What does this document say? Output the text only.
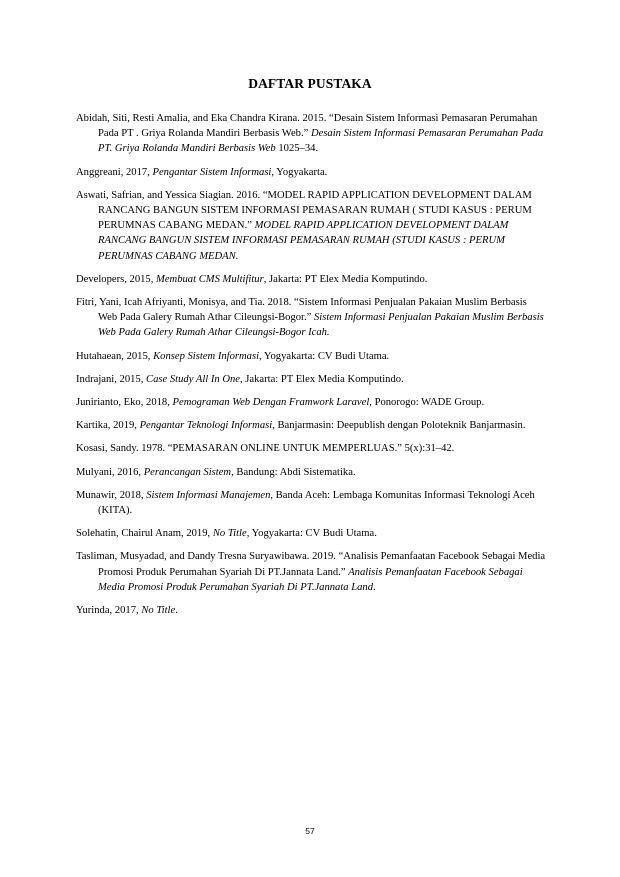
DAFTAR PUSTAKA

Abidah, Siti, Resti Amalia, and Eka Chandra Kirana. 2015. “Desain Sistem Informasi Pemasaran Perumahan Pada PT . Griya Rolanda Mandiri Berbasis Web.” Desain Sistem Informasi Pemasaran Perumahan Pada PT. Griya Rolanda Mandiri Berbasis Web 1025–34.

Anggreani, 2017, Pengantar Sistem Informasi, Yogyakarta.

Aswati, Safrian, and Yessica Siagian. 2016. “MODEL RAPID APPLICATION DEVELOPMENT DALAM RANCANG BANGUN SISTEM INFORMASI PEMASARAN RUMAH ( STUDI KASUS : PERUM PERUMNAS CABANG MEDAN.” MODEL RAPID APPLICATION DEVELOPMENT DALAM RANCANG BANGUN SISTEM INFORMASI PEMASARAN RUMAH (STUDI KASUS : PERUM PERUMNAS CABANG MEDAN.

Developers, 2015, Membuat CMS Multifitur, Jakarta: PT Elex Media Komputindo.

Fitri, Yani, Icah Afriyanti, Monisya, and Tia. 2018. “Sistem Informasi Penjualan Pakaian Muslim Berbasis Web Pada Galery Rumah Athar Cileungsi-Bogor.” Sistem Informasi Penjualan Pakaian Muslim Berbasis Web Pada Galery Rumah Athar Cileungsi-Bogor Icah.

Hutahaean, 2015, Konsep Sistem Informasi, Yogyakarta: CV Budi Utama.

Indrajani, 2015, Case Study All In One, Jakarta: PT Elex Media Komputindo.

Junirianto, Eko, 2018, Pemograman Web Dengan Framwork Laravel, Ponorogo: WADE Group.

Kartika, 2019, Pengantar Teknologi Informasi, Banjarmasin: Deepublish dengan Poloteknik Banjarmasin.

Kosasi, Sandy. 1978. “PEMASARAN ONLINE UNTUK MEMPERLUAS.” 5(x):31–42.

Mulyani, 2016, Perancangan Sistem, Bandung: Abdi Sistematika.

Munawir, 2018, Sistem Informasi Manajemen, Banda Aceh: Lembaga Komunitas Informasi Teknologi Aceh (KITA).

Solehatin, Chairul Anam, 2019, No Title, Yogyakarta: CV Budi Utama.

Tasliman, Musyadad, and Dandy Tresna Suryawibawa. 2019. “Analisis Pemanfaatan Facebook Sebagai Media Promosi Produk Perumahan Syariah Di PT.Jannata Land.” Analisis Pemanfaatan Facebook Sebagai Media Promosi Produk Perumahan Syariah Di PT.Jannata Land.

Yurinda, 2017, No Title.

57
